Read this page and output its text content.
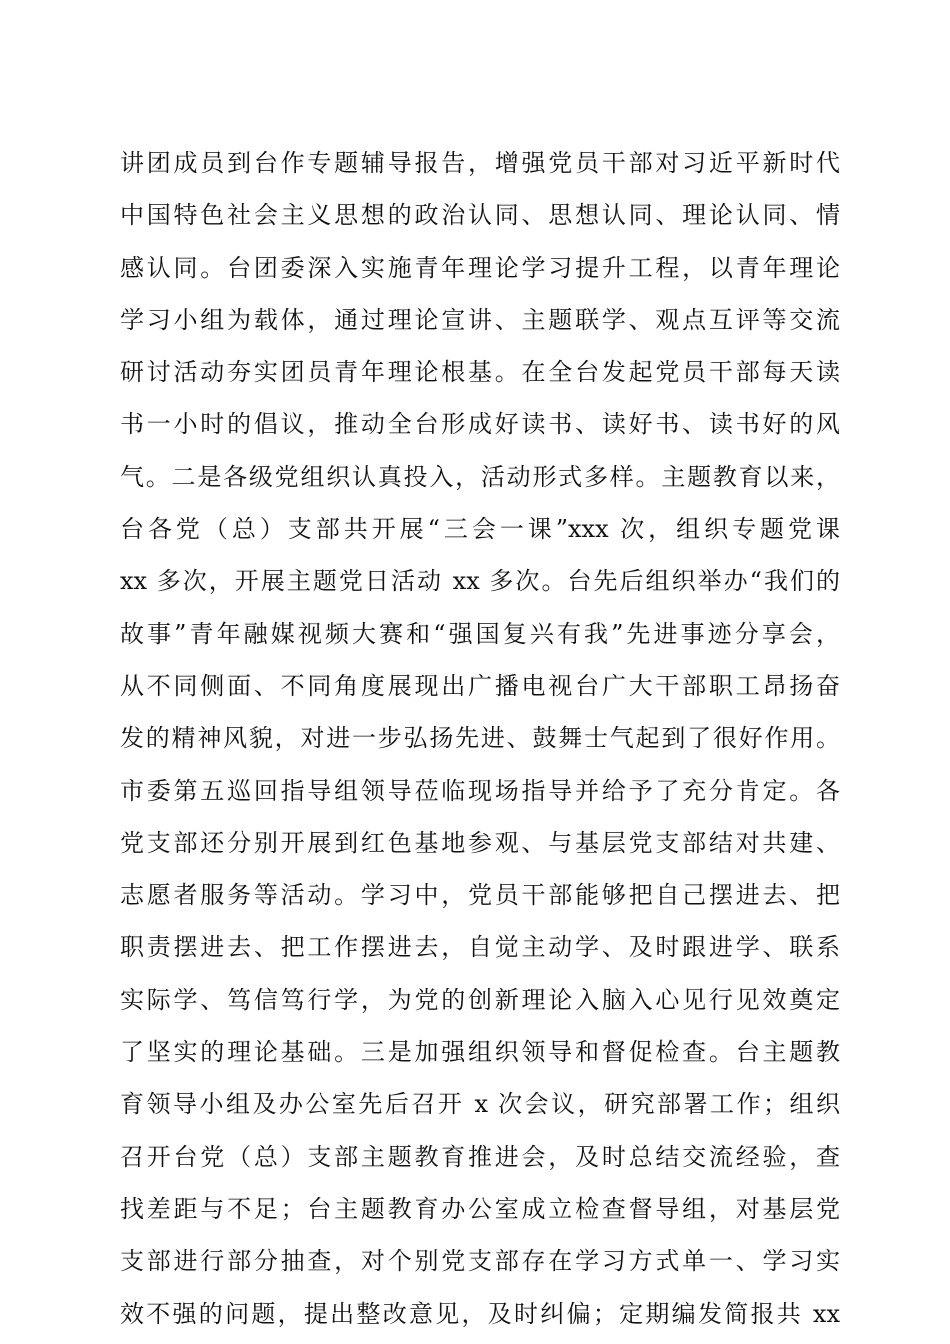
讲团成员到台作专题辅导报告，增强党员干部对习近平新时代
中国特色社会主义思想的政治认同、思想认同、理论认同、情
感认同。台团委深入实施青年理论学习提升工程，以青年理论
学习小组为载体，通过理论宣讲、主题联学、观点互评等交流
研讨活动夯实团员青年理论根基。在全台发起党员干部每天读
书一小时的倡议，推动全台形成好读书、读好书、读书好的风
气。二是各级党组织认真投入，活动形式多样。主题教育以来，
台各党（总）支部共开展“三会一课”xxx 次，组织专题党课
xx 多次，开展主题党日活动 xx 多次。台先后组织举办“我们的
故事”青年融媒视频大赛和“强国复兴有我”先进事迹分享会，
从不同侧面、不同角度展现出广播电视台广大干部职工昂扬奋
发的精神风貌，对进一步弘扬先进、鼓舞士气起到了很好作用。
市委第五巡回指导组领导莅临现场指导并给予了充分肯定。各
党支部还分别开展到红色基地参观、与基层党支部结对共建、
志愿者服务等活动。学习中，党员干部能够把自己摆进去、把
职责摆进去、把工作摆进去，自觉主动学、及时跟进学、联系
实际学、笃信笃行学，为党的创新理论入脑入心见行见效奠定
了坚实的理论基础。三是加强组织领导和督促检查。台主题教
育领导小组及办公室先后召开 x 次会议，研究部署工作；组织
召开台党（总）支部主题教育推进会，及时总结交流经验，查
找差距与不足；台主题教育办公室成立检查督导组，对基层党
支部进行部分抽查，对个别党支部存在学习方式单一、学习实
效不强的问题，提出整改意见，及时纠偏；定期编发简报共 xx
